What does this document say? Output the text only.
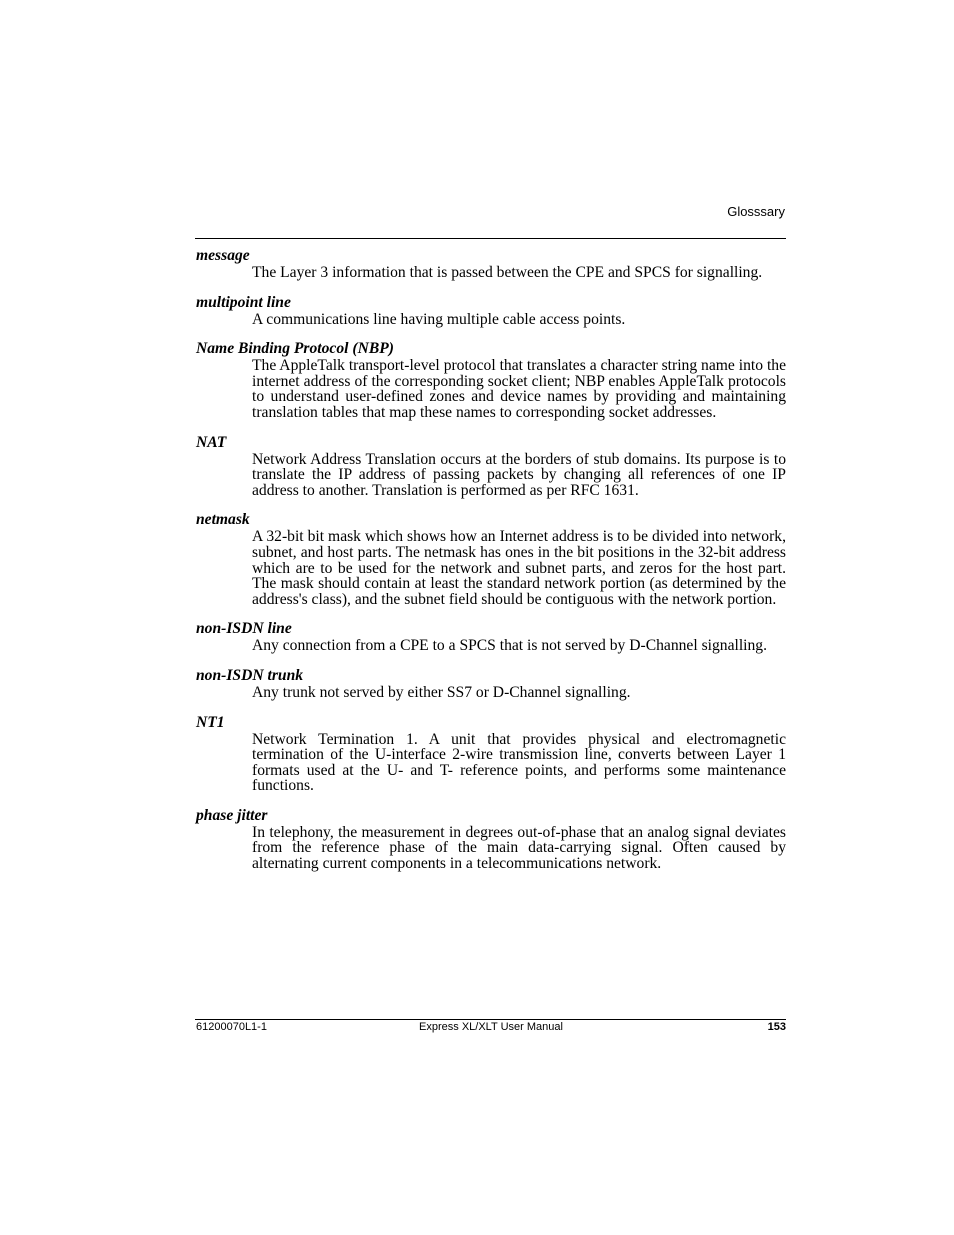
Glosssary
message
The Layer 3 information that is passed between the CPE and SPCS for signalling.
multipoint line
A communications line having multiple cable access points.
Name Binding Protocol (NBP)
The AppleTalk transport-level protocol that translates a character string name into the internet address of the corresponding socket client; NBP enables AppleTalk protocols to understand user-defined zones and device names by providing and maintaining translation tables that map these names to corresponding socket addresses.
NAT
Network Address Translation occurs at the borders of stub domains. Its purpose is to translate the IP address of passing packets by changing all references of one IP address to another. Translation is performed as per RFC 1631.
netmask
A 32-bit bit mask which shows how an Internet address is to be divided into network, subnet, and host parts. The netmask has ones in the bit positions in the 32-bit address which are to be used for the network and subnet parts, and zeros for the host part. The mask should contain at least the standard network portion (as determined by the address's class), and the subnet field should be contiguous with the network portion.
non-ISDN line
Any connection from a CPE to a SPCS that is not served by D-Channel signalling.
non-ISDN trunk
Any trunk not served by either SS7 or D-Channel signalling.
NT1
Network Termination 1. A unit that provides physical and electromagnetic termination of the U-interface 2-wire transmission line, converts between Layer 1 formats used at the U- and T- reference points, and performs some maintenance functions.
phase jitter
In telephony, the measurement in degrees out-of-phase that an analog signal deviates from the reference phase of the main data-carrying signal. Often caused by alternating current components in a telecommunications network.
61200070L1-1	Express XL/XLT User Manual	153
